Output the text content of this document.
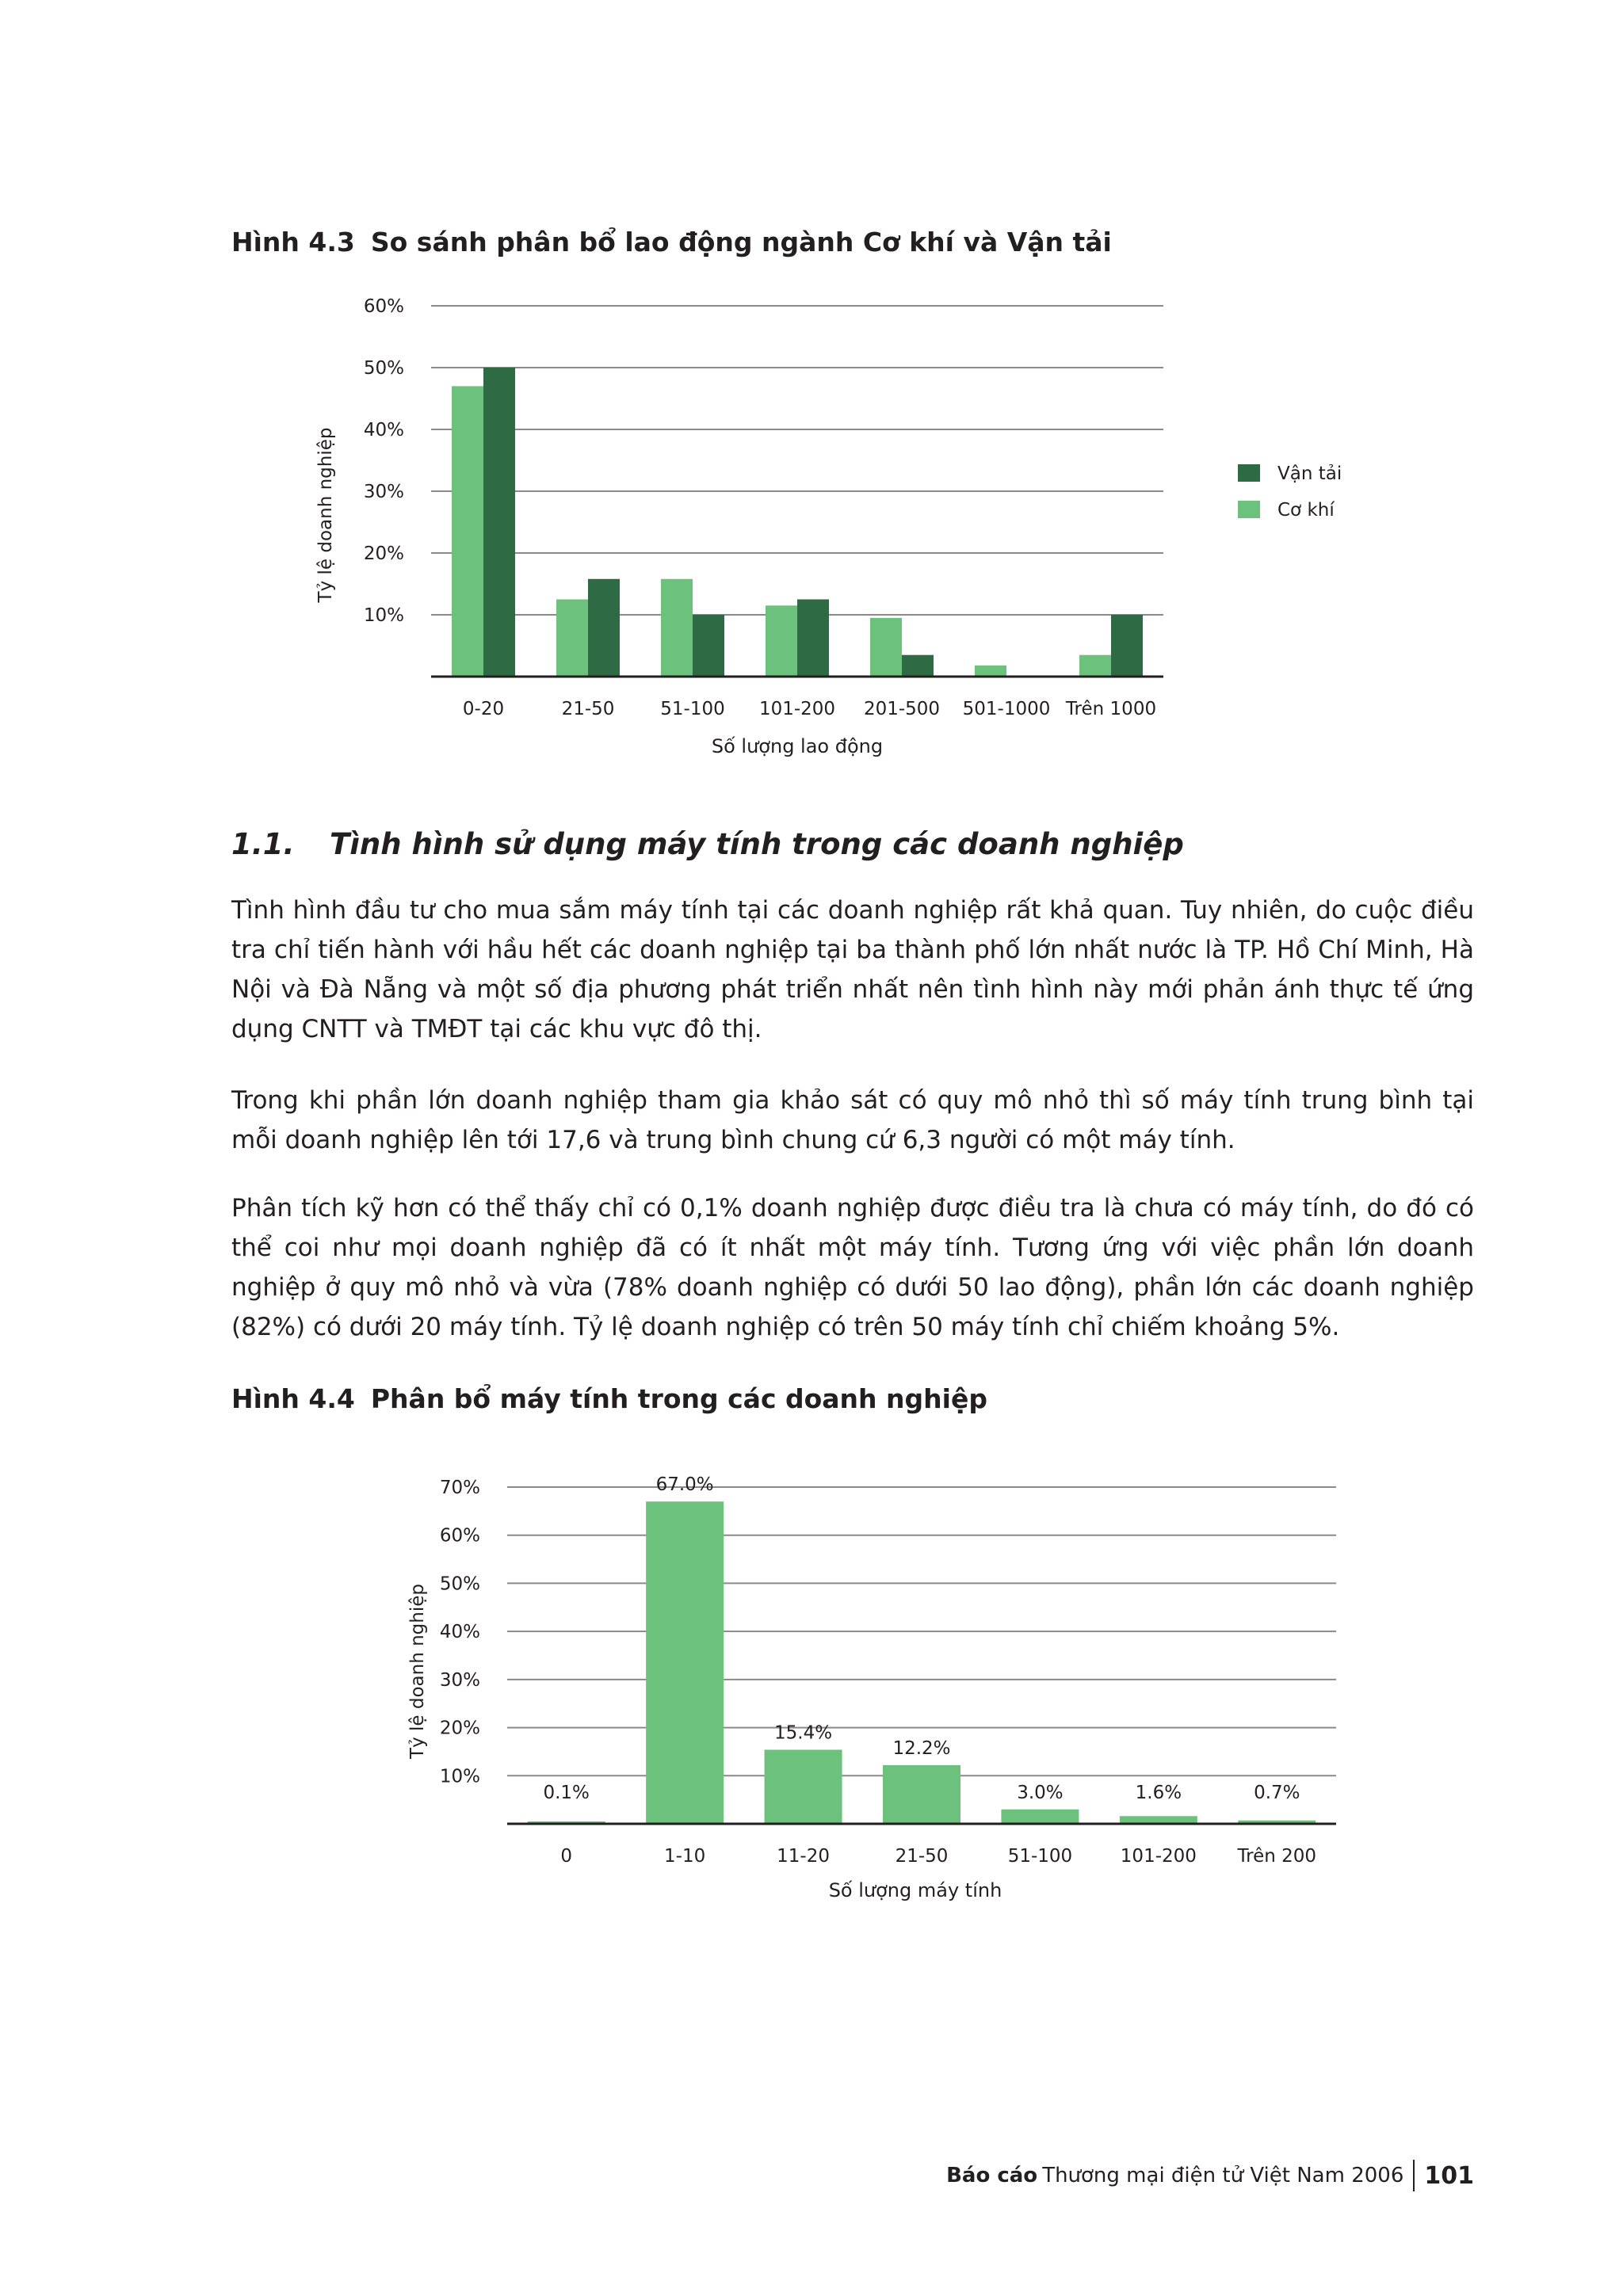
Hình 4.3 So sánh phân bổ lao động ngành Cơ khí và Vận tải
10%
20%
30%
40%
50%
60%
0-20	21-50	51-100 101-200 201-500 501-1000 Trên 1000
Số lượng lao động
Tỷ lệ doanh nghiệp	Vận tải
Cơ khí
1.1. Tình hình sử dụng máy tính trong các doanh nghiệp

Tình hình đầu tư cho mua sắm máy tính tại các doanh nghiệp rất khả quan. Tuy nhiên, do cuộc điều tra chỉ tiến hành với hầu hết các doanh nghiệp tại ba thành phố lớn nhất nước là TP. Hồ Chí Minh, Hà Nội và Đà Nẵng và một số địa phương phát triển nhất nên tình hình này mới phản ánh thực tế ứng dụng CNTT và TMĐT tại các khu vực đô thị.

Trong khi phần lớn doanh nghiệp tham gia khảo sát có quy mô nhỏ thì số máy tính trung bình tại mỗi doanh nghiệp lên tới 17,6 và trung bình chung cứ 6,3 người có một máy tính.

Phân tích kỹ hơn có thể thấy chỉ có 0,1% doanh nghiệp được điều tra là chưa có máy tính, do đó có thể coi như mọi doanh nghiệp đã có ít nhất một máy tính. Tương ứng với việc phần lớn doanh nghiệp ở quy mô nhỏ và vừa (78% doanh nghiệp có dưới 50 lao động), phần lớn các doanh nghiệp (82%) có dưới 20 máy tính. Tỷ lệ doanh nghiệp có trên 50 máy tính chỉ chiếm khoảng 5%.

Hình 4.4 Phân bổ máy tính trong các doanh nghiệp
10%
20%
30%
40%
50%
60%
70%
0.1%
0
67.0%
1-10
15.4%
11-20
12.2%
21-50
3.0%
51-100
1.6%
101-200
0.7%
Trên 200
Số lượng máy tính
Tỷ lệ doanh nghiệp
Báo cáo Thương mại điện tử Việt Nam 2006 101
